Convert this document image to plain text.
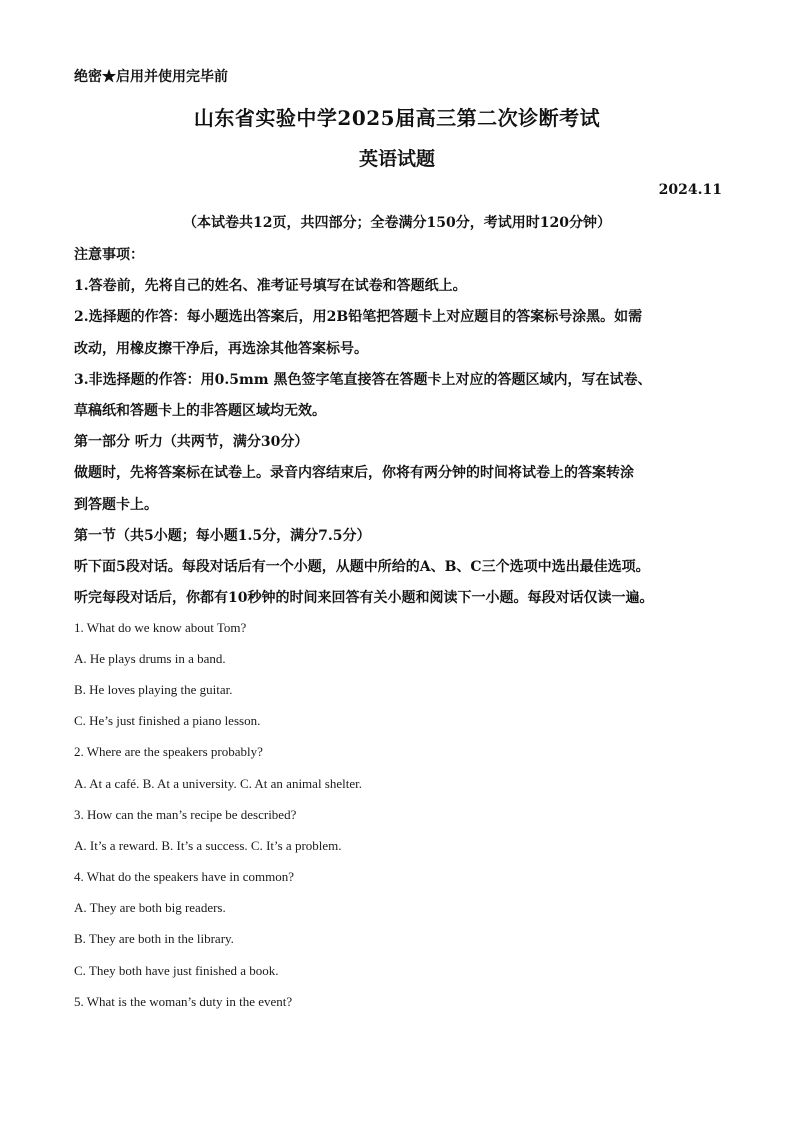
绝密★启用并使用完毕前
山东省实验中学2025届高三第二次诊断考试
英语试题
2024.11
（本试卷共12页，共四部分；全卷满分150分，考试用时120分钟）
注意事项：
1.答卷前，先将自己的姓名、准考证号填写在试卷和答题纸上。
2.选择题的作答：每小题选出答案后，用2B铅笔把答题卡上对应题目的答案标号涂黑。如需
改动，用橡皮擦干净后，再选涂其他答案标号。
3.非选择题的作答：用0.5mm 黑色签字笔直接答在答题卡上对应的答题区域内，写在试卷、
草稿纸和答题卡上的非答题区域均无效。
第一部分 听力（共两节，满分30分）
做题时，先将答案标在试卷上。录音内容结束后，你将有两分钟的时间将试卷上的答案转涂
到答题卡上。
第一节（共5小题；每小题1.5分，满分7.5分）
听下面5段对话。每段对话后有一个小题，从题中所给的A、B、C三个选项中选出最佳选项。
听完每段对话后，你都有10秒钟的时间来回答有关小题和阅读下一小题。每段对话仅读一遍。
1. What do we know about Tom?
A. He plays drums in a band.
B. He loves playing the guitar.
C. He’s just finished a piano lesson.
2. Where are the speakers probably?
A. At a café. B. At a university. C. At an animal shelter.
3. How can the man’s recipe be described?
A. It’s a reward. B. It’s a success. C. It’s a problem.
4. What do the speakers have in common?
A. They are both big readers.
B. They are both in the library.
C. They both have just finished a book.
5. What is the woman’s duty in the event?
